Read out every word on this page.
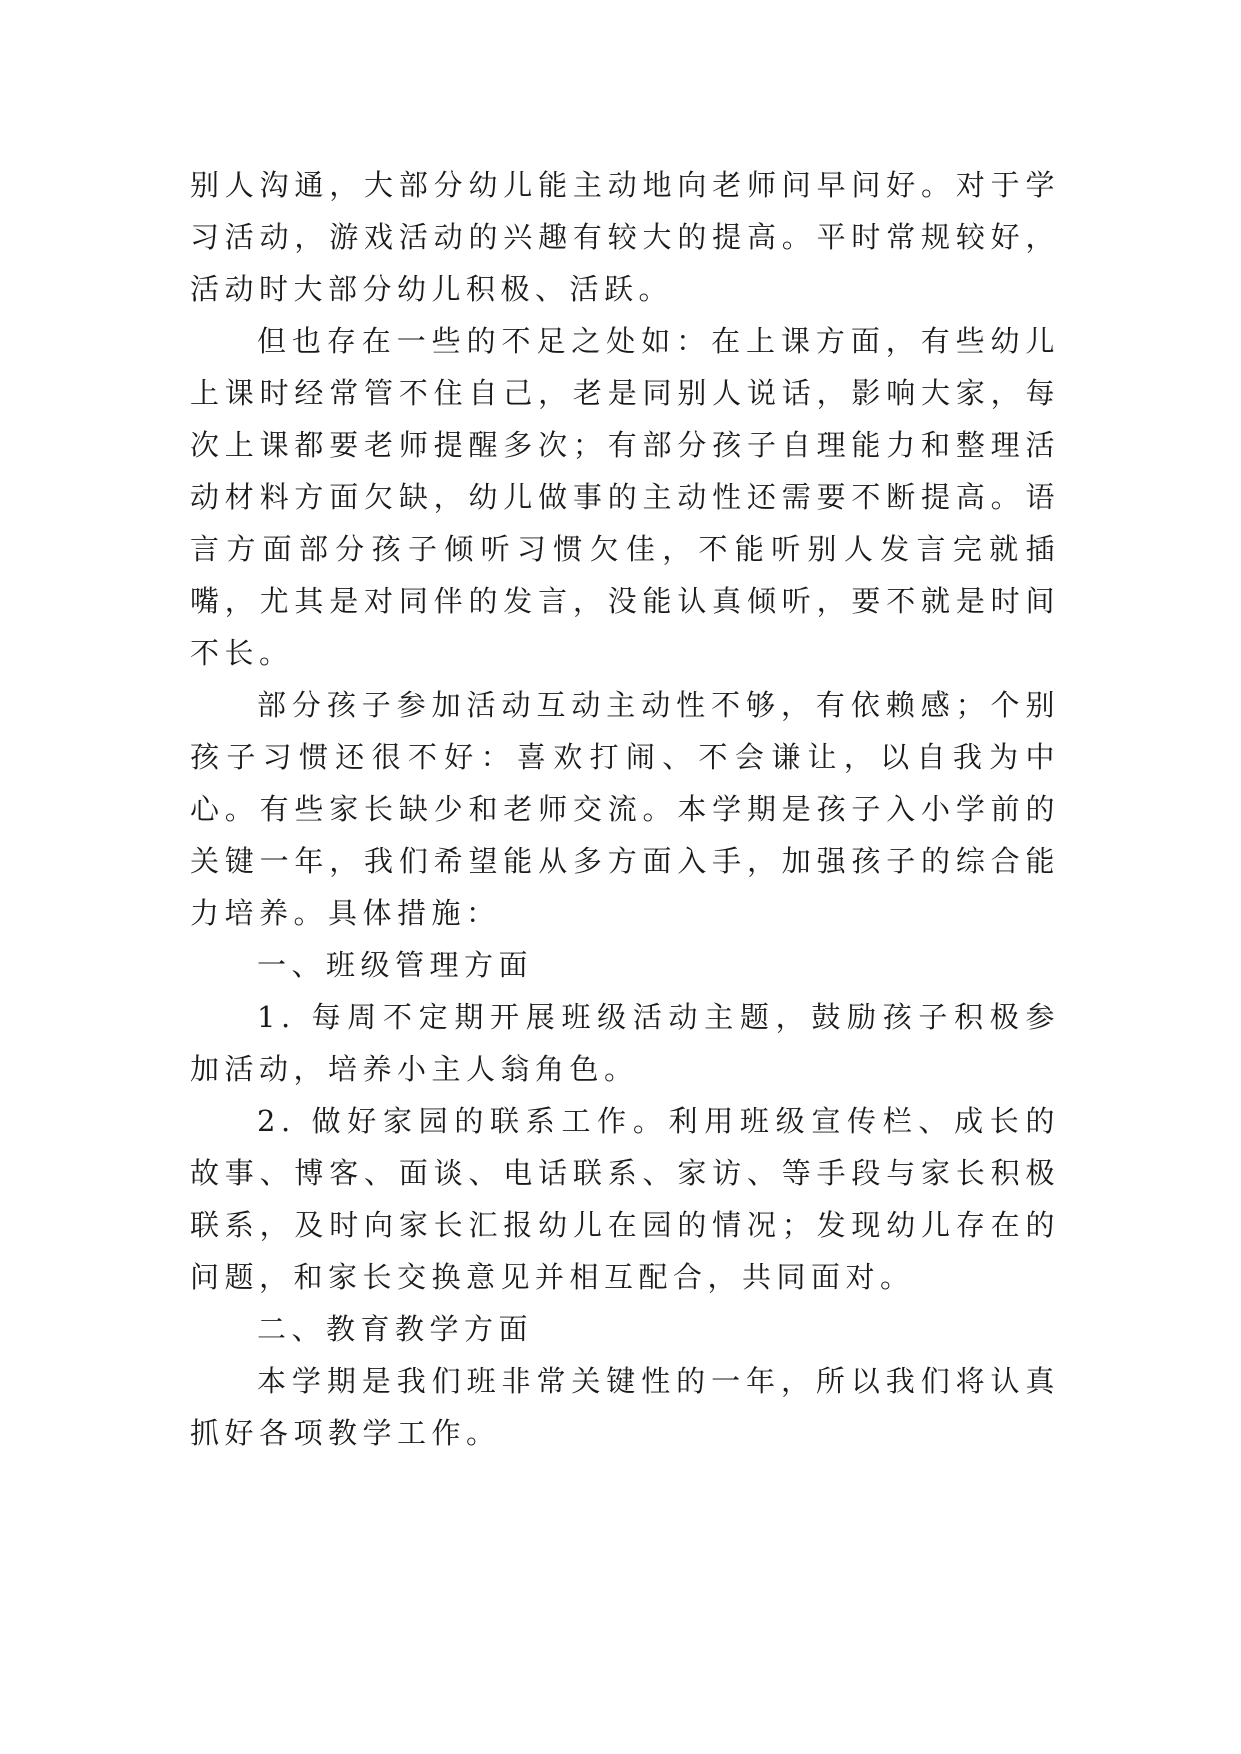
别人沟通，大部分幼儿能主动地向老师问早问好。对于学习活动，游戏活动的兴趣有较大的提高。平时常规较好，活动时大部分幼儿积极、活跃。

但也存在一些的不足之处如：在上课方面，有些幼儿上课时经常管不住自己，老是同别人说话，影响大家，每次上课都要老师提醒多次；有部分孩子自理能力和整理活动材料方面欠缺，幼儿做事的主动性还需要不断提高。语言方面部分孩子倾听习惯欠佳，不能听别人发言完就插嘴，尤其是对同伴的发言，没能认真倾听，要不就是时间不长。

部分孩子参加活动互动主动性不够，有依赖感；个别孩子习惯还很不好：喜欢打闹、不会谦让，以自我为中心。有些家长缺少和老师交流。本学期是孩子入小学前的关键一年，我们希望能从多方面入手，加强孩子的综合能力培养。具体措施：

一、班级管理方面

1. 每周不定期开展班级活动主题，鼓励孩子积极参加活动，培养小主人翁角色。

2. 做好家园的联系工作。利用班级宣传栏、成长的故事、博客、面谈、电话联系、家访、等手段与家长积极联系，及时向家长汇报幼儿在园的情况；发现幼儿存在的问题，和家长交换意见并相互配合，共同面对。

二、教育教学方面

本学期是我们班非常关键性的一年，所以我们将认真抓好各项教学工作。
